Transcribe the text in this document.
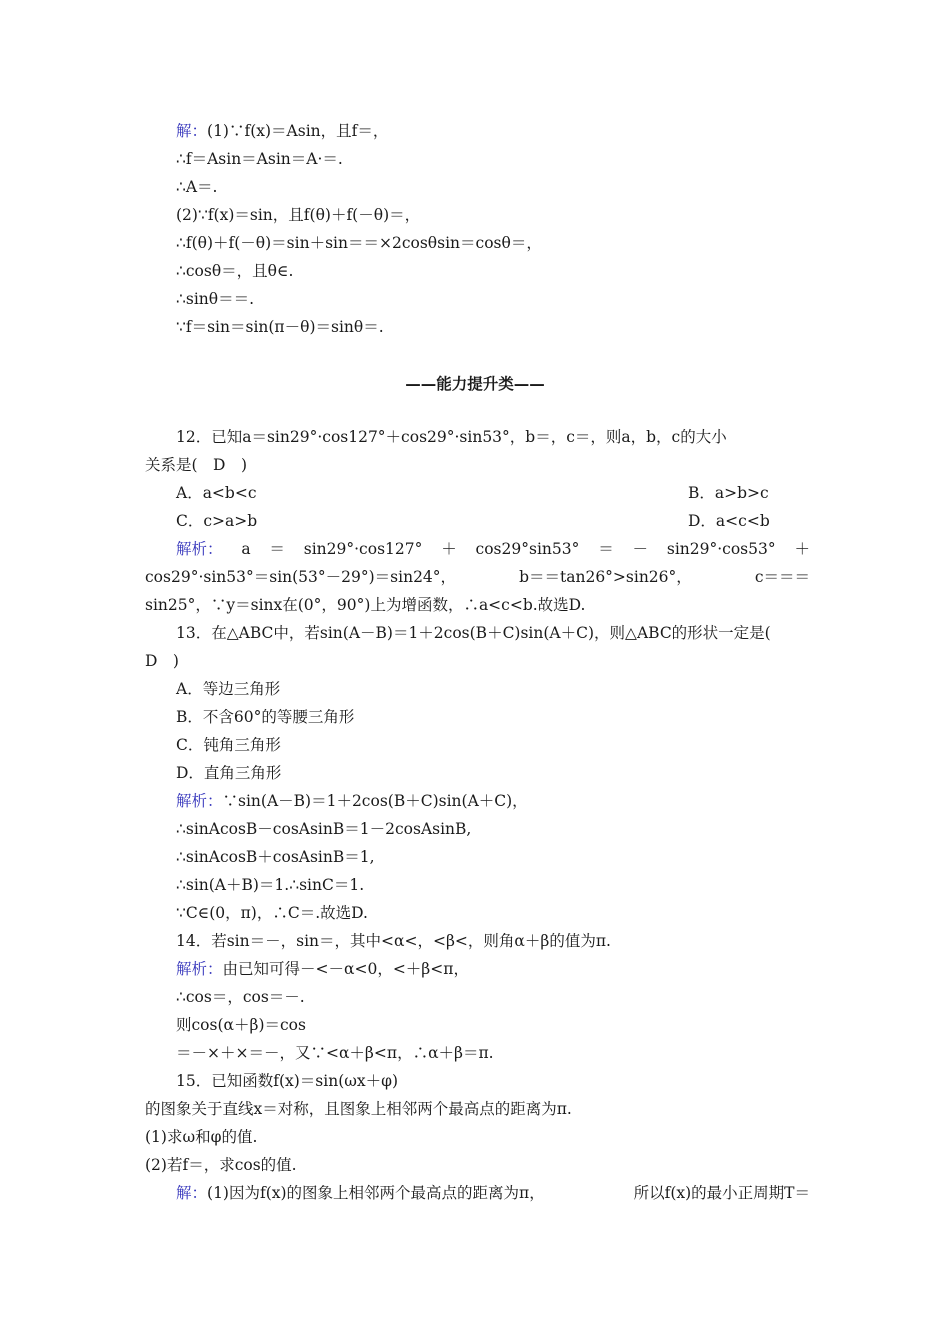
解：(1)∵f(x)＝Asin，且f＝，
∴f＝Asin＝Asin＝A·＝.
∴A＝.
(2)∵f(x)＝sin，且f(θ)＋f(－θ)＝，
∴f(θ)＋f(－θ)＝sin＋sin＝＝×2cosθsin＝cosθ＝，
∴cosθ＝，且θ∈.
∴sinθ＝＝.
∵f＝sin＝sin(π－θ)＝sinθ＝.
——能力提升类——
12．已知a＝sin29°·cos127°＋cos29°·sin53°，b＝，c＝，则a，b，c的大小
关系是(　D　)
A．a<b<c	B．a>b>c
C．c>a>b	D．a<c<b
解析： a ＝ sin29°·cos127° ＋ cos29°sin53° ＝ － sin29°·cos53° ＋
cos29°·sin53°＝sin(53°－29°)＝sin24°，	b＝＝tan26°>sin26°，	c＝＝＝
sin25°，∵y＝sinx在(0°，90°)上为增函数，∴a<c<b.故选D.
13．在△ABC中，若sin(A－B)＝1＋2cos(B＋C)sin(A＋C)，则△ABC的形状一定是(
D　)
A．等边三角形
B．不含60°的等腰三角形
C．钝角三角形
D．直角三角形
解析：∵sin(A－B)＝1＋2cos(B＋C)sin(A＋C)，
∴sinAcosB－cosAsinB＝1－2cosAsinB,
∴sinAcosB＋cosAsinB＝1,
∴sin(A＋B)＝1.∴sinC＝1.
∵C∈(0，π)，∴C＝.故选D.
14．若sin＝－，sin＝，其中<α<，<β<，则角α＋β的值为π.
解析：由已知可得－<－α<0，<＋β<π，
∴cos＝，cos＝－.
则cos(α＋β)＝cos
＝－×＋×＝－，又∵<α＋β<π，∴α＋β＝π.
15．已知函数f(x)＝sin(ωx＋φ)
的图象关于直线x＝对称，且图象上相邻两个最高点的距离为π.
(1)求ω和φ的值.
(2)若f＝，求cos的值.
解：(1)因为f(x)的图象上相邻两个最高点的距离为π，	所以f(x)的最小正周期T＝
